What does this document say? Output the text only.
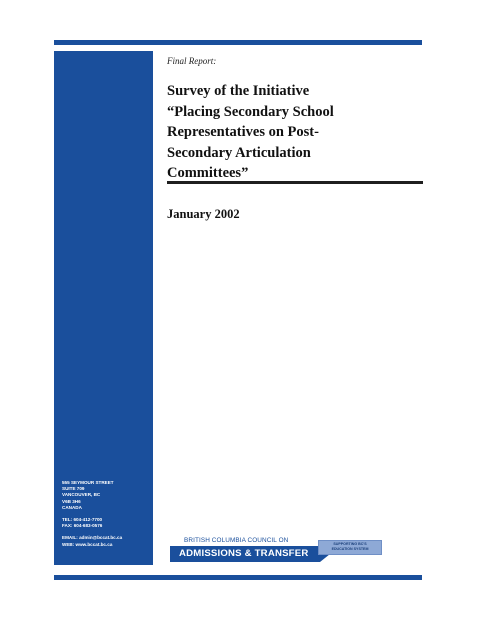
555 SEYMOUR STREET
SUITE 709
VANCOUVER, BC
V6B 3H6
CANADA
TEL: 604-412-7700
FAX: 604-683-0576
EMAIL: admin@bccat.bc.ca
WEB: www.bccat.bc.ca

Final Report:

Survey of the Initiative
“Placing Secondary School
Representatives on Post-
Secondary Articulation
Committees”

January 2002

BRITISH COLUMBIA COUNCIL ON
ADMISSIONS & TRANSFER
SUPPORTING BC'S
EDUCATION SYSTEM
